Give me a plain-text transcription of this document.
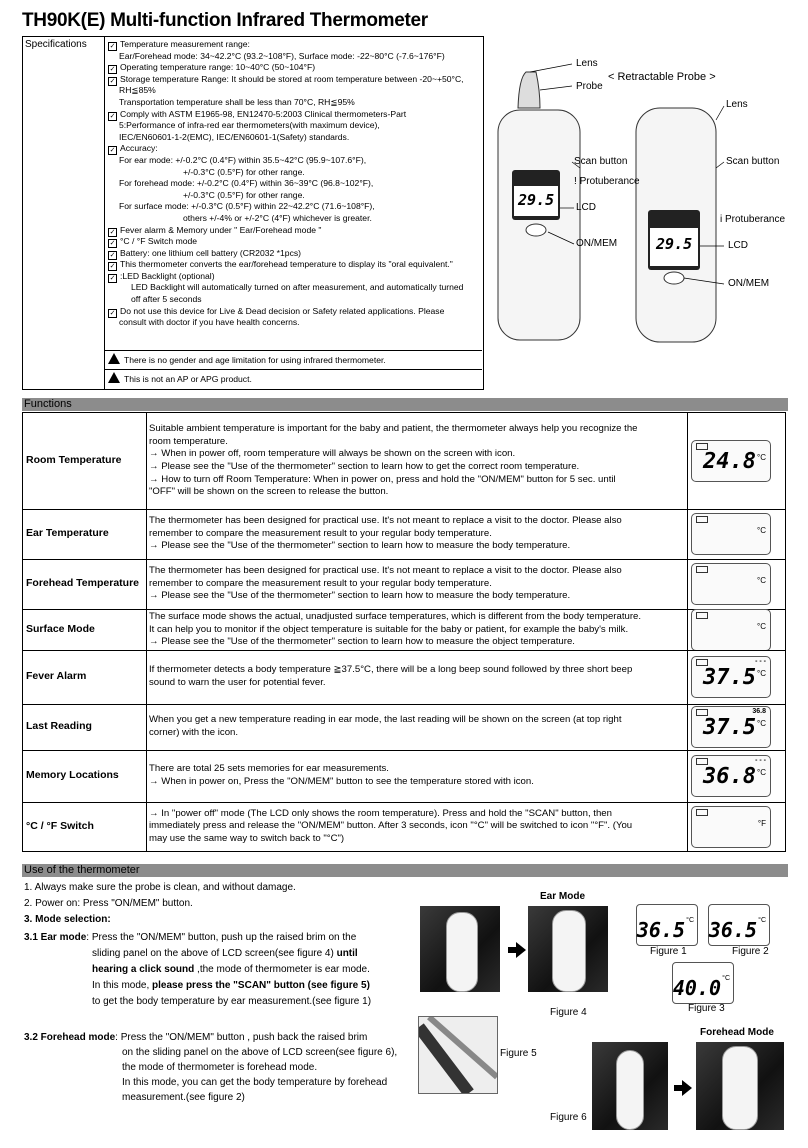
TH90K(E) Multi-function Infrared Thermometer
Specifications	✓ Temperature measurement range:
Ear/Forehead mode: 34~42.2°C (93.2~108°F), Surface mode: -22~80°C (-7.6~176°F)
✓ Operating temperature range: 10~40°C (50~104°F)
✓ Storage temperature Range: It should be stored at room temperature between -20~+50°C,
RH≦85%
Transportation temperature shall be less than 70°C, RH≦95%
✓ Comply with ASTM E1965-98, EN12470-5:2003 Clinical thermometers-Part
5:Performance of infra-red ear thermometers(with maximum device),
IEC/EN60601-1-2(EMC), IEC/EN60601-1(Safety) standards.
✓ Accuracy:
For ear mode: +/-0.2°C (0.4°F) within 35.5~42°C (95.9~107.6°F),
+/-0.3°C (0.5°F) for other range.
For forehead mode: +/-0.2°C (0.4°F) within 36~39°C (96.8~102°F),
+/-0.3°C (0.5°F) for other range.
For surface mode: +/-0.3°C (0.5°F) within 22~42.2°C (71.6~108°F),
others +/-4% or +/-2°C (4°F) whichever is greater.
✓ Fever alarm & Memory under " Ear/Forehead mode "
✓ °C / °F Switch mode
✓ Battery: one lithium cell battery (CR2032 *1pcs)
✓ This thermometer converts the ear/forehead temperature to display its "oral equivalent."
✓ :LED Backlight (optional)
LED Backlight will automatically turned on after measurement, and automatically turned
off after 5 seconds
✓ Do not use this device for Live & Dead decision or Safety related applications. Please
consult with doctor if you have health concerns.
There is no gender and age limitation for using infrared thermometer.
This is not an AP or APG product.
Lens
Probe
< Retractable Probe >
Lens
Scan button	Scan button
! Protuberance
LCD
ON/MEM
i Protuberance
LCD
ON/MEM
29.5
29.5
Functions
Room Temperature
Suitable ambient temperature is important for the baby and patient, the thermometer always help you recognize the
room temperature.
→ When in power off, room temperature will always be shown on the screen with icon.
→ Please see the "Use of the thermometer" section to learn how to get the correct room temperature.
→ How to turn off Room Temperature: When in power on, press and hold the "ON/MEM" button for 5 sec. until
"OFF" will be shown on the screen to release the button.
24.8 °C
Ear Temperature
The thermometer has been designed for practical use. It's not meant to replace a visit to the doctor. Please also
remember to compare the measurement result to your regular body temperature.
→ Please see the "Use of the thermometer" section to learn how to measure the body temperature.
°C
Forehead Temperature
The thermometer has been designed for practical use. It's not meant to replace a visit to the doctor. Please also
remember to compare the measurement result to your regular body temperature.
→ Please see the "Use of the thermometer" section to learn how to measure the body temperature.
°C
Surface Mode
The surface mode shows the actual, unadjusted surface temperatures, which is different from the body temperature.
It can help you to monitor if the object temperature is suitable for the baby or patient, for example the baby's milk.
→ Please see the "Use of the thermometer" section to learn how to measure the object temperature.
°C
Fever Alarm
If thermometer detects a body temperature ≧37.5°C, there will be a long beep sound followed by three short beep
sound to warn the user for potential fever.
- - -
37.5 °C
Last Reading
When you get a new temperature reading in ear mode, the last reading will be shown on the screen (at top right
corner) with the icon.
36.8
37.5 °C
Memory Locations
There are total 25 sets memories for ear measurements.
→ When in power on, Press the "ON/MEM" button to see the temperature stored with icon.
- - -
36.8 °C
°C / °F Switch
→ In "power off" mode (The LCD only shows the room temperature). Press and hold the "SCAN" button, then
immediately press and release the "ON/MEM" button. After 3 seconds, icon "°C" will be switched to icon "°F". (You
may use the same way to switch back to "°C")
°F
Use of the thermometer
1. Always make sure the probe is clean, and without damage.
2. Power on: Press "ON/MEM" button.
3. Mode selection:
3.1 Ear mode: Press the "ON/MEM" button, push up the raised brim on the
sliding panel on the above of LCD screen(see figure 4) until
hearing a click sound ,the mode of thermometer is ear mode.
In this mode, please press the "SCAN" button (see figure 5)
to get the body temperature by ear measurement.(see figure 1)
3.2 Forehead mode: Press the "ON/MEM" button , push back the raised brim
on the sliding panel on the above of LCD screen(see figure 6),
the mode of thermometer is forehead mode.
In this mode, you can get the body temperature by forehead
measurement.(see figure 2)
Ear Mode
Figure 4
36.5 °C 36.5 °C
Figure 1	Figure 2
40.0 °C
Figure 3
Figure 5
Forehead Mode
Figure 6
